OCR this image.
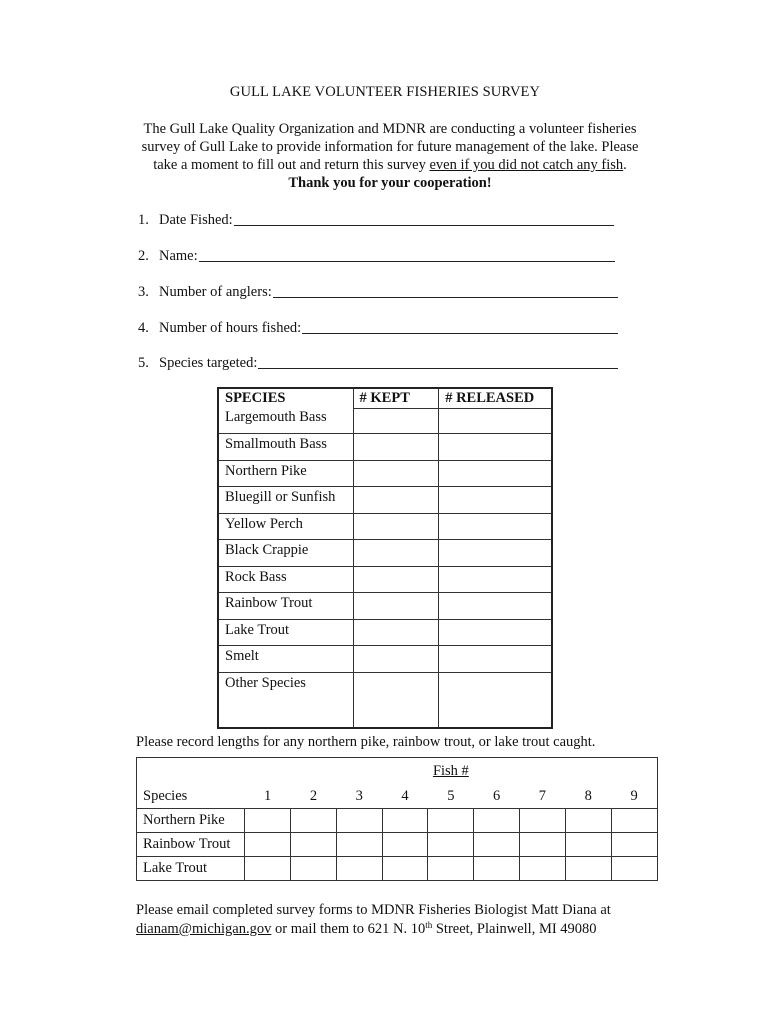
GULL LAKE VOLUNTEER FISHERIES SURVEY
The Gull Lake Quality Organization and MDNR are conducting a volunteer fisheries
survey of Gull Lake to provide information for future management of the lake. Please
take a moment to fill out and return this survey even if you did not catch any fish.
Thank you for your cooperation!
1. Date Fished:
2. Name:
3. Number of anglers:
4. Number of hours fished:
5. Species targeted:
SPECIES	# KEPT	# RELEASED
Largemouth Bass		
Smallmouth Bass		
Northern Pike		
Bluegill or Sunfish		
Yellow Perch		
Black Crappie		
Rock Bass		
Rainbow Trout		
Lake Trout		
Smelt		
Other Species		
Please record lengths for any northern pike, rainbow trout, or lake trout caught.
	Fish #								
Species	1	2	3	4	5	6	7	8	9
Northern Pike									
Rainbow Trout									
Lake Trout									
Please email completed survey forms to MDNR Fisheries Biologist Matt Diana at
dianam@michigan.gov or mail them to 621 N. 10th Street, Plainwell, MI 49080
